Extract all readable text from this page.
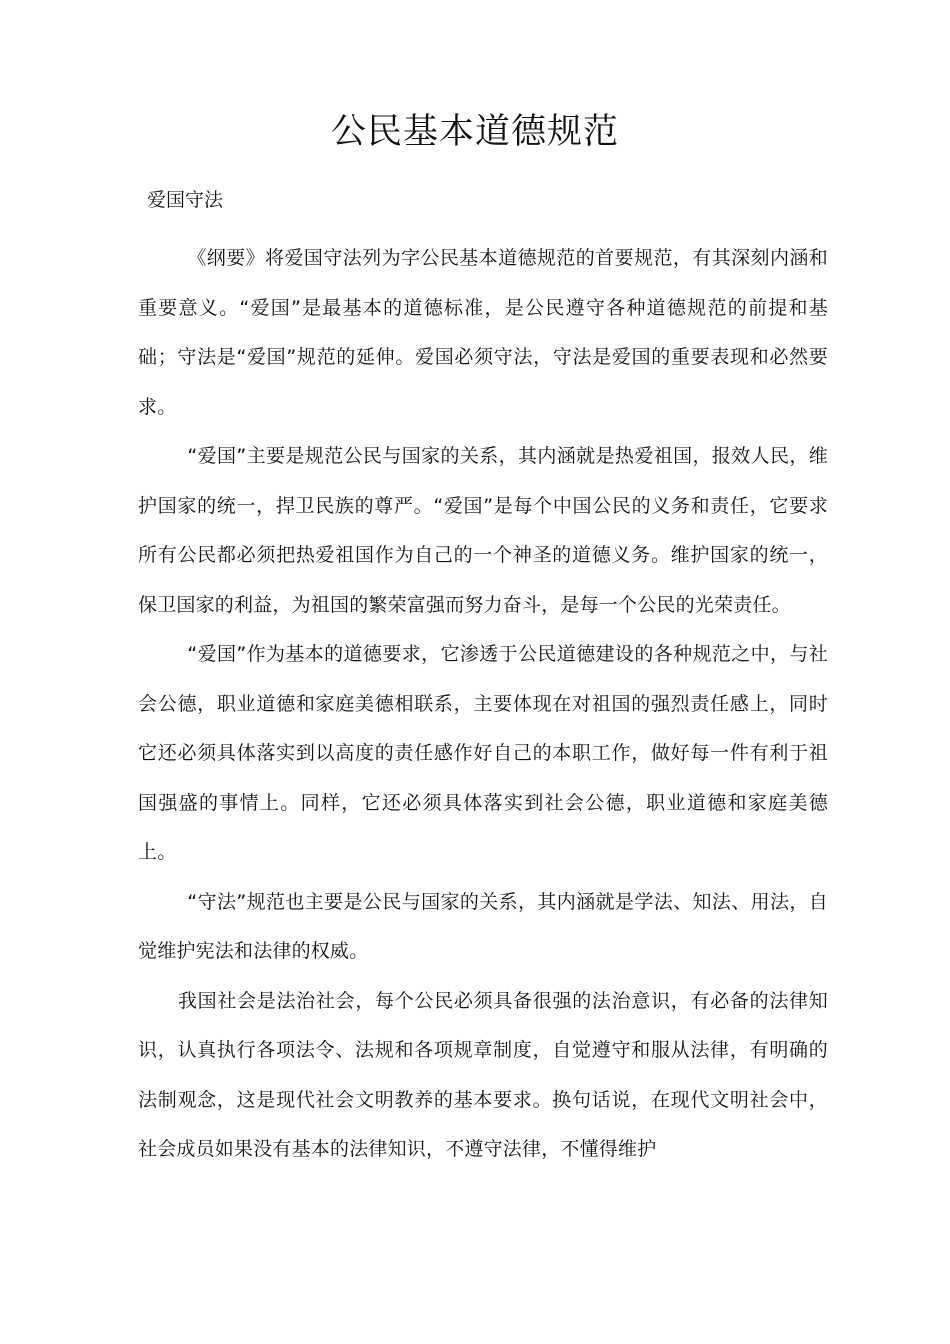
公民基本道德规范
爱国守法

《纲要》将爱国守法列为字公民基本道德规范的首要规范，有其深刻内涵和重要意义。“爱国”是最基本的道德标准，是公民遵守各种道德规范的前提和基础；守法是“爱国”规范的延伸。爱国必须守法，守法是爱国的重要表现和必然要求。

“爱国”主要是规范公民与国家的关系，其内涵就是热爱祖国，报效人民，维护国家的统一，捍卫民族的尊严。“爱国”是每个中国公民的义务和责任，它要求所有公民都必须把热爱祖国作为自己的一个神圣的道德义务。维护国家的统一，保卫国家的利益，为祖国的繁荣富强而努力奋斗，是每一个公民的光荣责任。

“爱国”作为基本的道德要求，它渗透于公民道德建设的各种规范之中，与社会公德，职业道德和家庭美德相联系，主要体现在对祖国的强烈责任感上，同时它还必须具体落实到以高度的责任感作好自己的本职工作，做好每一件有利于祖国强盛的事情上。同样，它还必须具体落实到社会公德，职业道德和家庭美德上。

“守法”规范也主要是公民与国家的关系，其内涵就是学法、知法、用法，自觉维护宪法和法律的权威。

我国社会是法治社会，每个公民必须具备很强的法治意识，有必备的法律知识，认真执行各项法令、法规和各项规章制度，自觉遵守和服从法律，有明确的法制观念，这是现代社会文明教养的基本要求。换句话说，在现代文明社会中，社会成员如果没有基本的法律知识，不遵守法律，不懂得维护
